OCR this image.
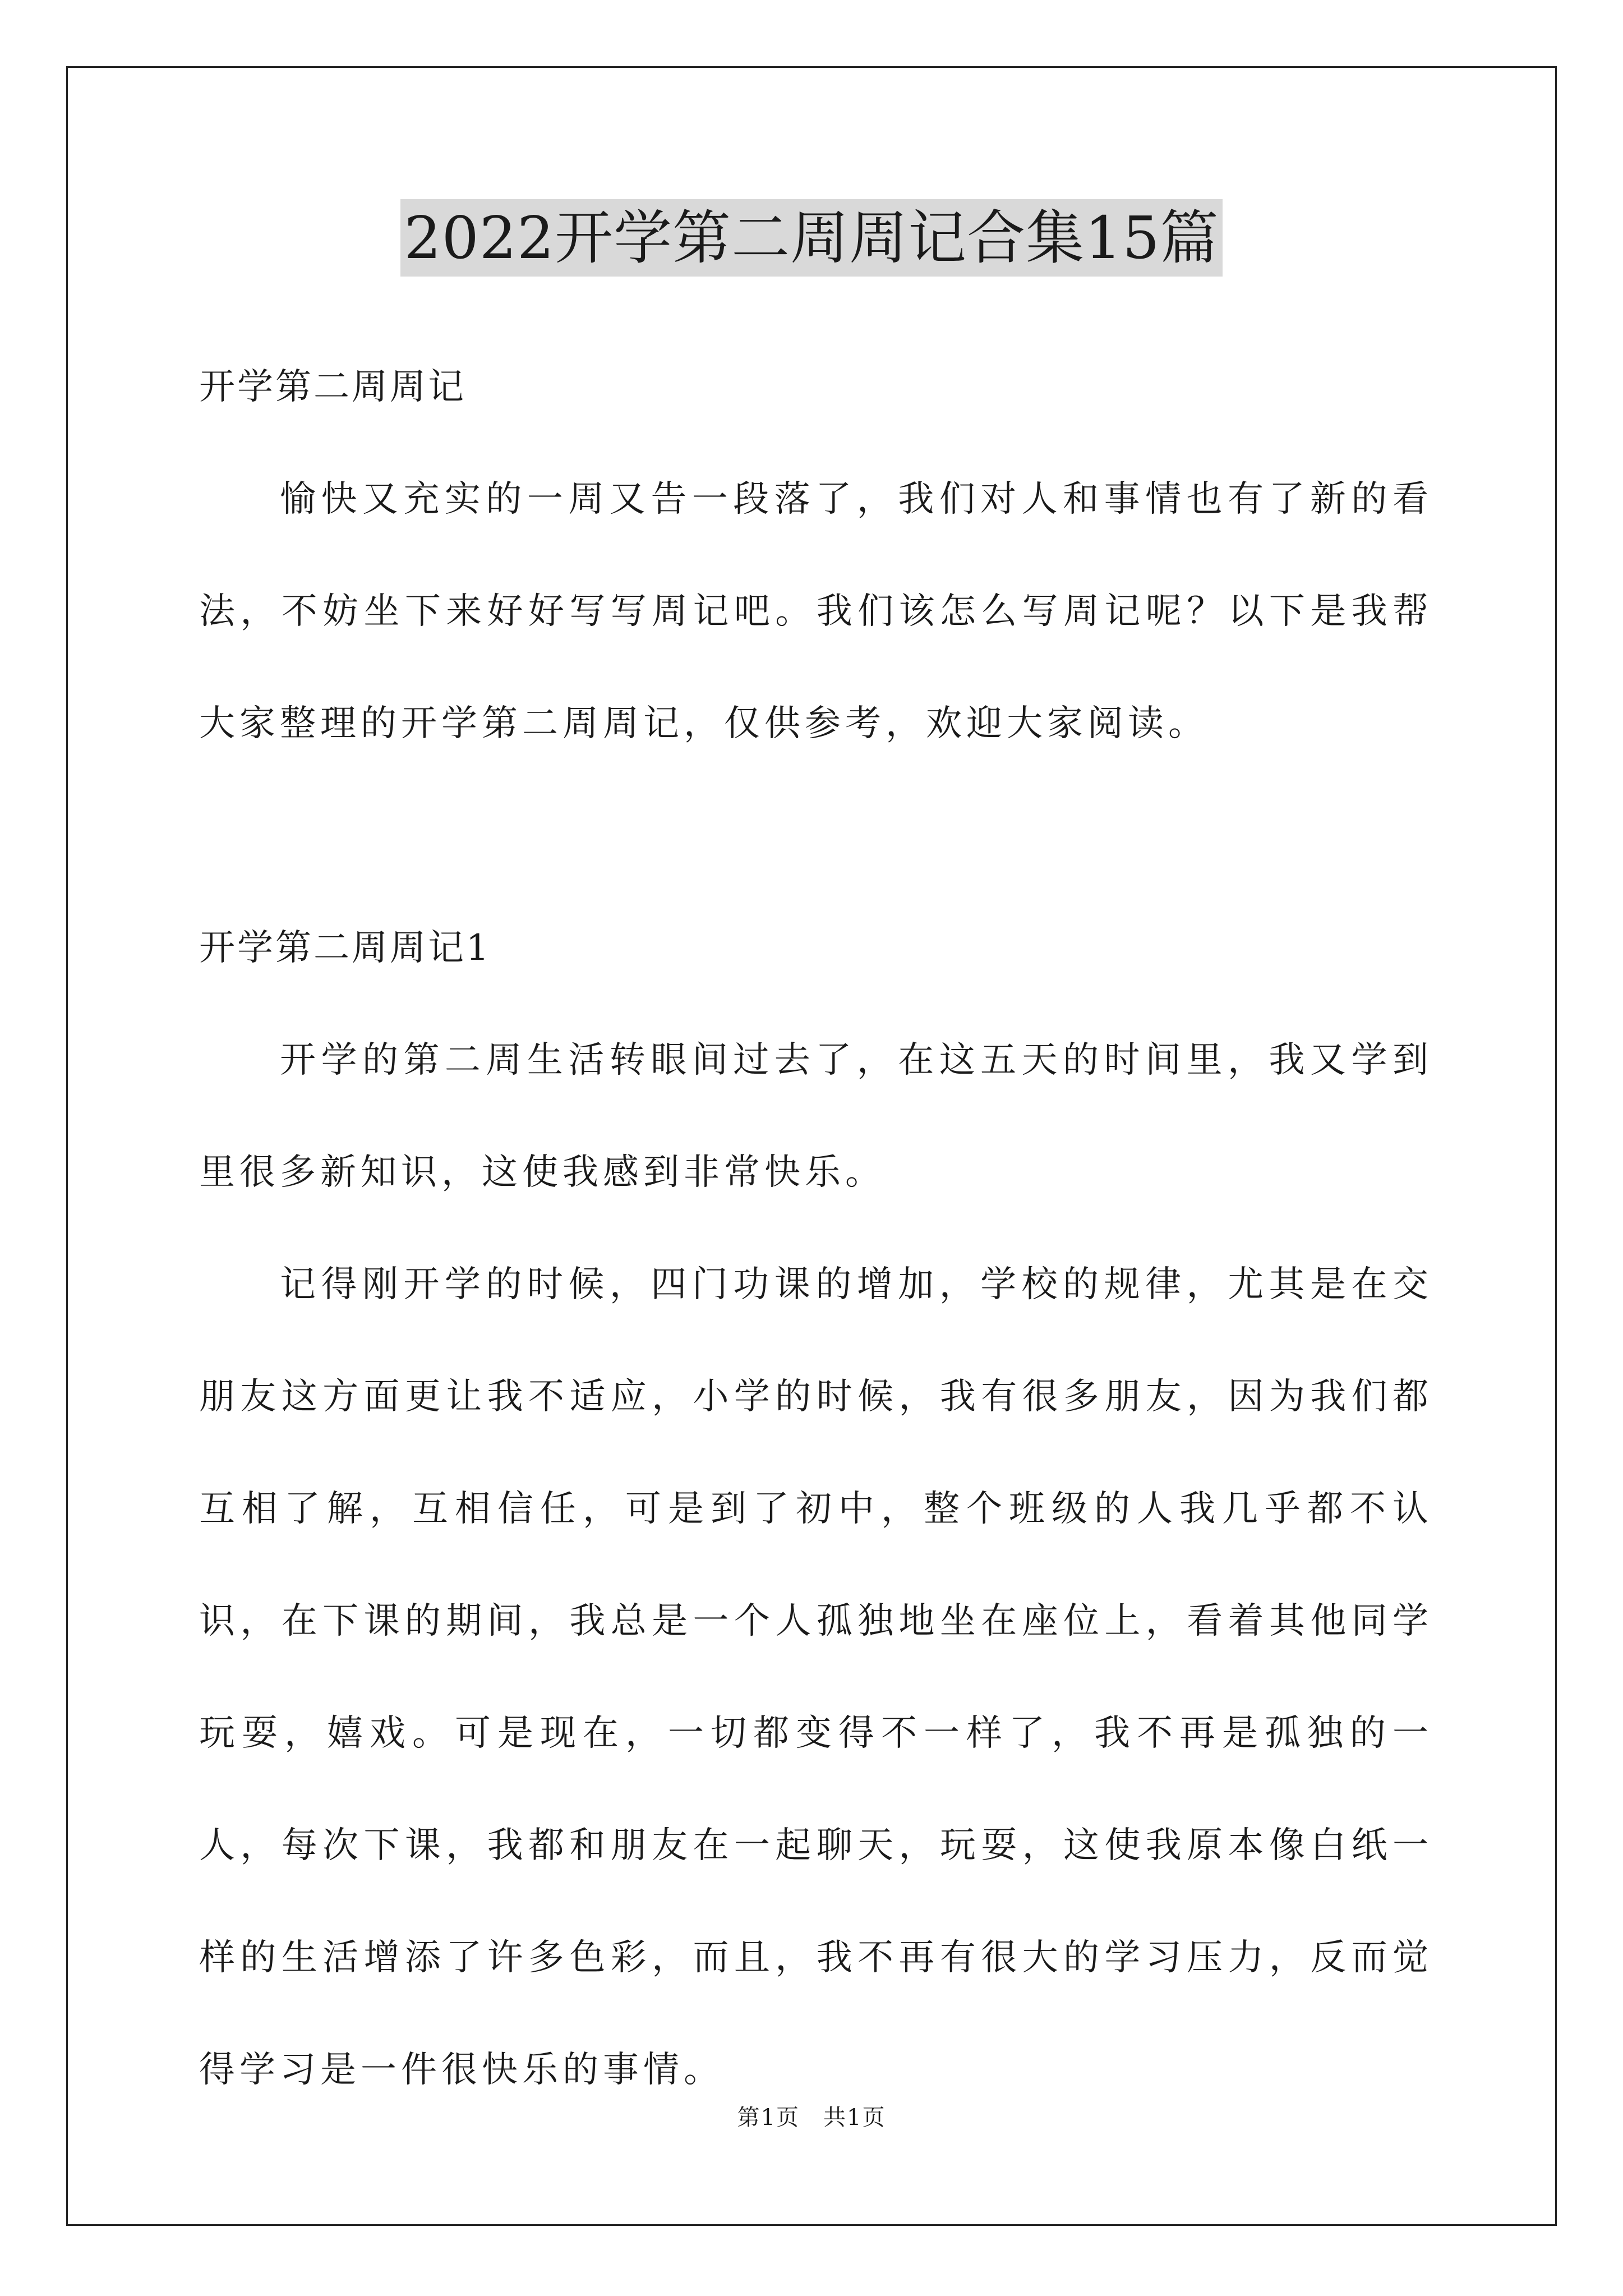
2022开学第二周周记合集15篇

开学第二周周记

愉快又充实的一周又告一段落了，我们对人和事情也有了新的看法，不妨坐下来好好写写周记吧。我们该怎么写周记呢？以下是我帮大家整理的开学第二周周记，仅供参考，欢迎大家阅读。

开学第二周周记1

开学的第二周生活转眼间过去了，在这五天的时间里，我又学到里很多新知识，这使我感到非常快乐。

记得刚开学的时候，四门功课的增加，学校的规律，尤其是在交朋友这方面更让我不适应，小学的时候，我有很多朋友，因为我们都互相了解，互相信任，可是到了初中，整个班级的人我几乎都不认识，在下课的期间，我总是一个人孤独地坐在座位上，看着其他同学玩耍，嬉戏。可是现在，一切都变得不一样了，我不再是孤独的一人，每次下课，我都和朋友在一起聊天，玩耍，这使我原本像白纸一样的生活增添了许多色彩，而且，我不再有很大的学习压力，反而觉得学习是一件很快乐的事情。

第1页　共1页
